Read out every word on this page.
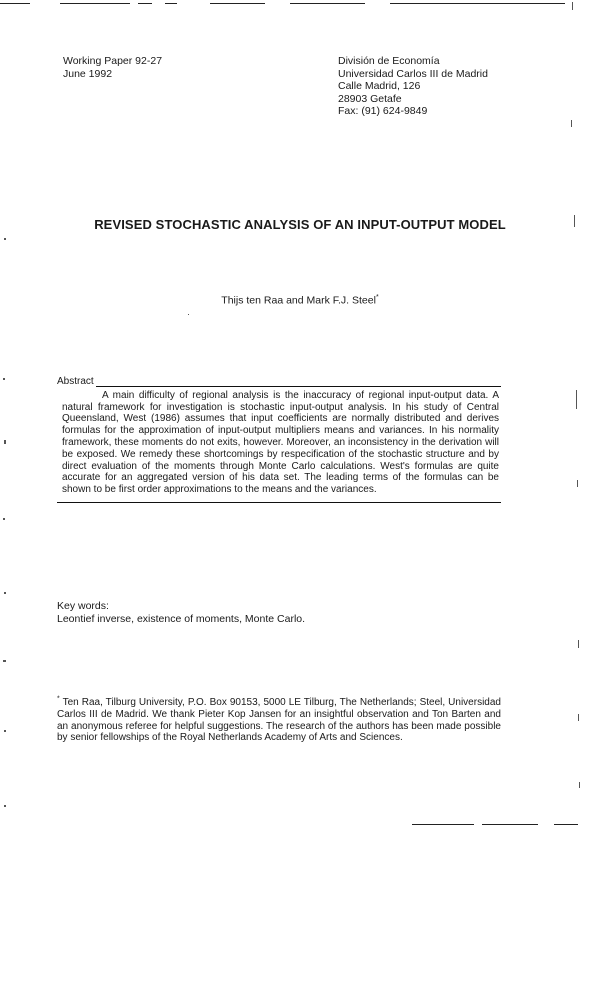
Working Paper 92-27
June 1992
División de Economía
Universidad Carlos III de Madrid
Calle Madrid, 126
28903 Getafe
Fax: (91) 624-9849
REVISED STOCHASTIC ANALYSIS OF AN INPUT-OUTPUT MODEL
Thijs ten Raa and Mark F.J. Steel*
Abstract
A main difficulty of regional analysis is the inaccuracy of regional input-output data. A natural framework for investigation is stochastic input-output analysis. In his study of Central Queensland, West (1986) assumes that input coefficients are normally distributed and derives formulas for the approximation of input-output multipliers means and variances. In his normality framework, these moments do not exits, however. Moreover, an inconsistency in the derivation will be exposed. We remedy these shortcomings by respecification of the stochastic structure and by direct evaluation of the moments through Monte Carlo calculations. West's formulas are quite accurate for an aggregated version of his data set. The leading terms of the formulas can be shown to be first order approximations to the means and the variances.
Key words:
Leontief inverse, existence of moments, Monte Carlo.
* Ten Raa, Tilburg University, P.O. Box 90153, 5000 LE Tilburg, The Netherlands; Steel, Universidad Carlos III de Madrid. We thank Pieter Kop Jansen for an insightful observation and Ton Barten and an anonymous referee for helpful suggestions. The research of the authors has been made possible by senior fellowships of the Royal Netherlands Academy of Arts and Sciences.
